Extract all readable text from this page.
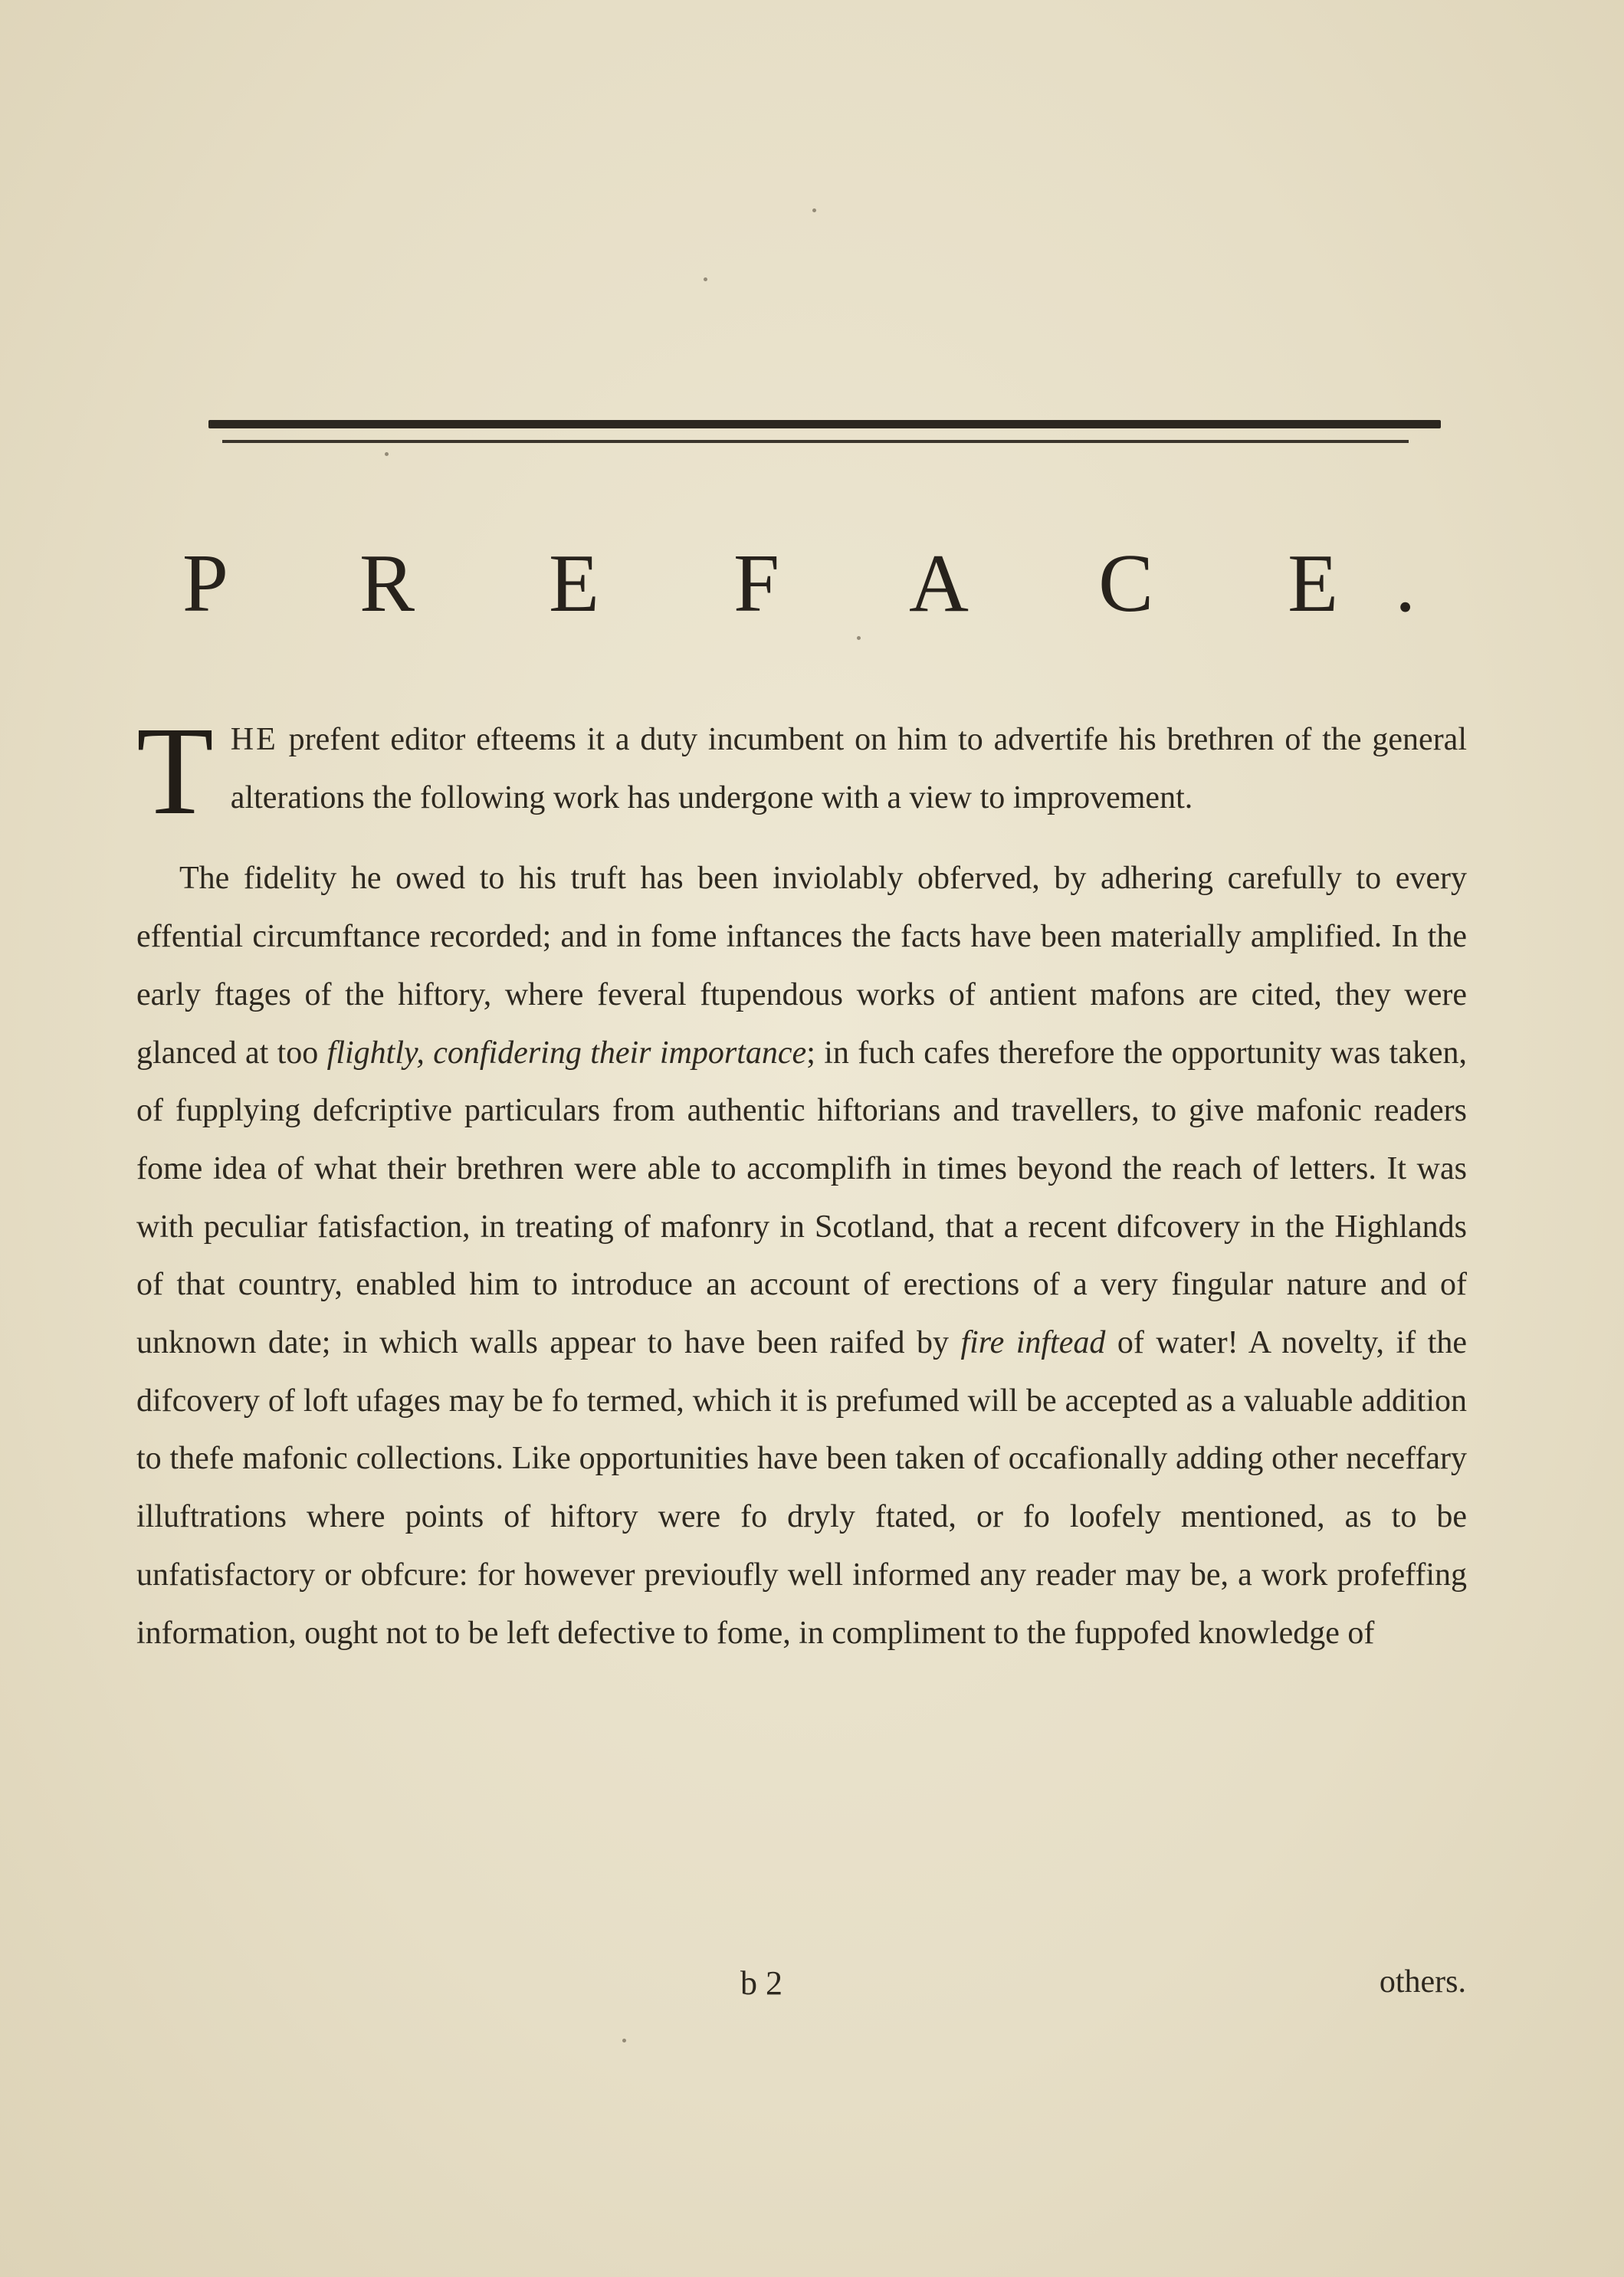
P R E F A C E.

THE prefent editor efteems it a duty incumbent on him to advertife his brethren of the general alterations the following work has undergone with a view to improvement.

The fidelity he owed to his truft has been inviolably obferved, by adhering carefully to every effential circumftance recorded; and in fome inftances the facts have been materially amplified. In the early ftages of the hiftory, where feveral ftupendous works of antient mafons are cited, they were glanced at too flightly, confidering their importance; in fuch cafes therefore the opportunity was taken, of fupplying defcriptive particulars from authentic hiftorians and travellers, to give mafonic readers fome idea of what their brethren were able to accomplifh in times beyond the reach of letters. It was with peculiar fatisfaction, in treating of mafonry in Scotland, that a recent difcovery in the Highlands of that country, enabled him to introduce an account of erections of a very fingular nature and of unknown date; in which walls appear to have been raifed by fire inftead of water! A novelty, if the difcovery of loft ufages may be fo termed, which it is prefumed will be accepted as a valuable addition to thefe mafonic collections. Like opportunities have been taken of occafionally adding other neceffary illuftrations where points of hiftory were fo dryly ftated, or fo loofely mentioned, as to be unfatisfactory or obfcure: for however previoufly well informed any reader may be, a work profeffing information, ought not to be left defective to fome, in compliment to the fuppofed knowledge of

b 2	others.
